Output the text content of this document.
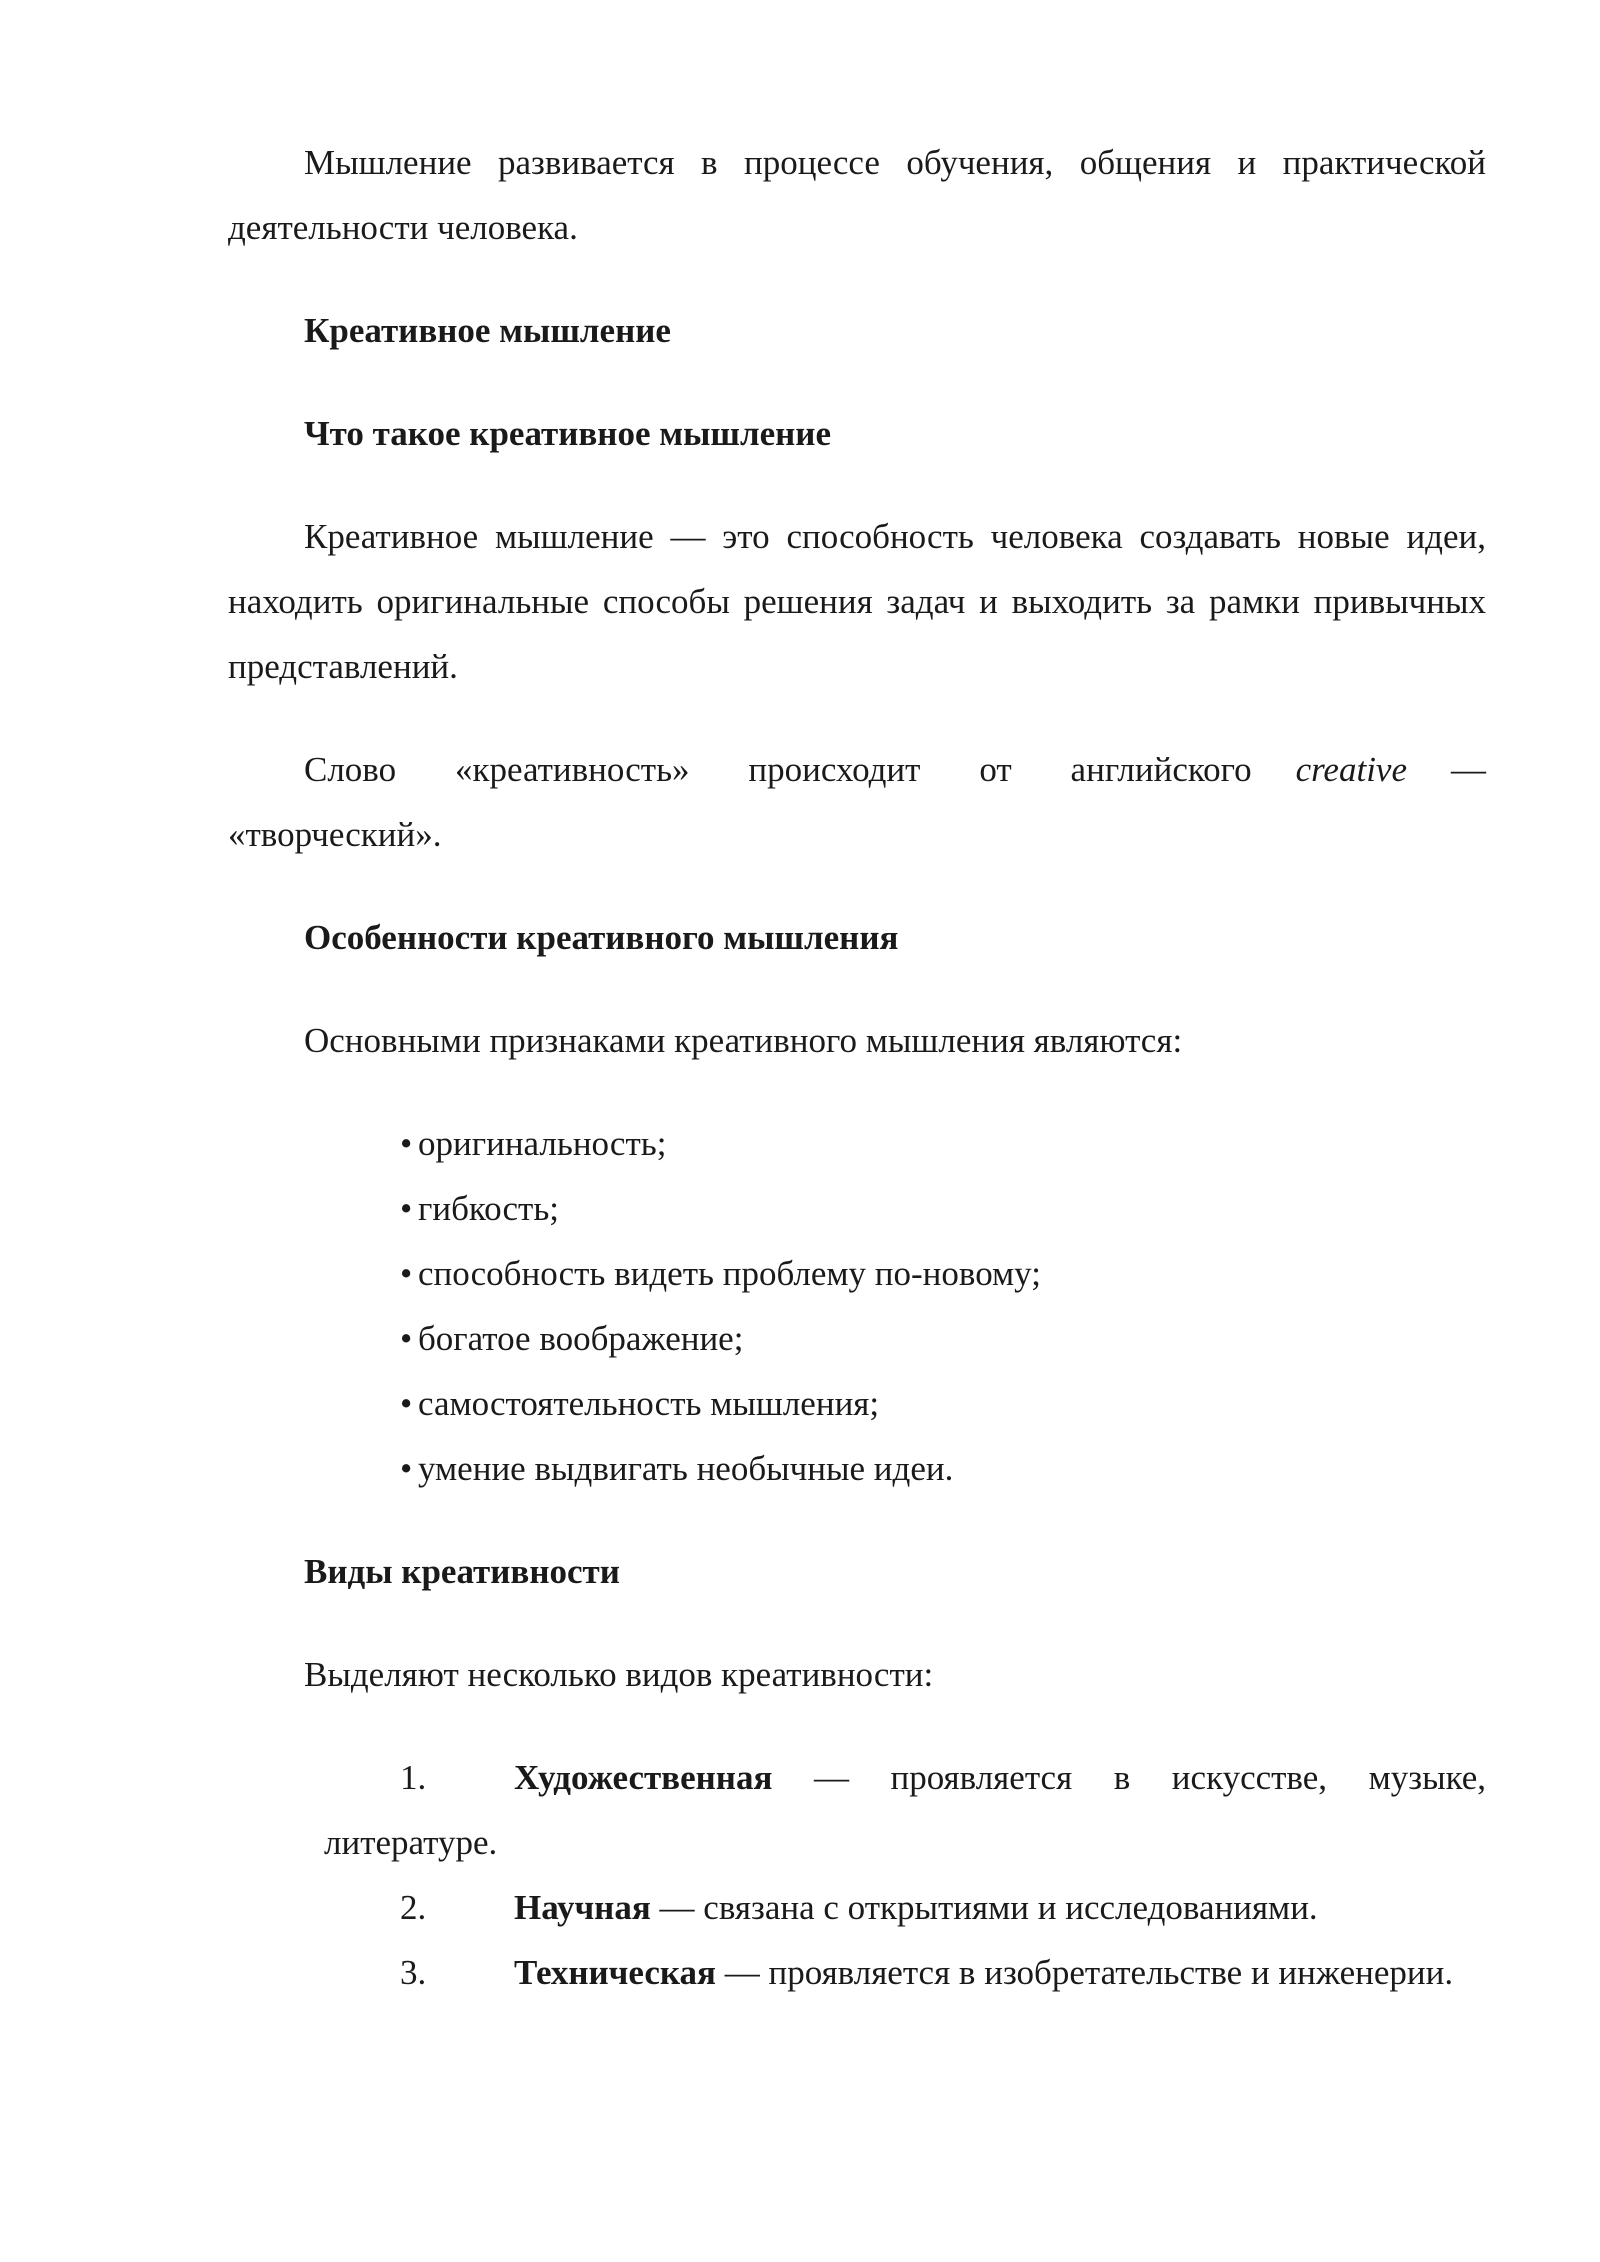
Мышление развивается в процессе обучения, общения и практической деятельности человека.

Креативное мышление
Что такое креативное мышление

Креативное мышление — это способность человека создавать новые идеи, находить оригинальные способы решения задач и выходить за рамки привычных представлений.

Слово «креативность» происходит от английского creative —
«творческий».

Особенности креативного мышления

Основными признаками креативного мышления являются:

• оригинальность;
• гибкость;
• способность видеть проблему по-новому;
• богатое воображение;
• самостоятельность мышления;
• умение выдвигать необычные идеи.
Виды креативности

Выделяют несколько видов креативности:

1.	Художественная — проявляется в искусстве, музыке, литературе.
2.	Научная — связана с открытиями и исследованиями.
3.	Техническая — проявляется в изобретательстве и инженерии.
